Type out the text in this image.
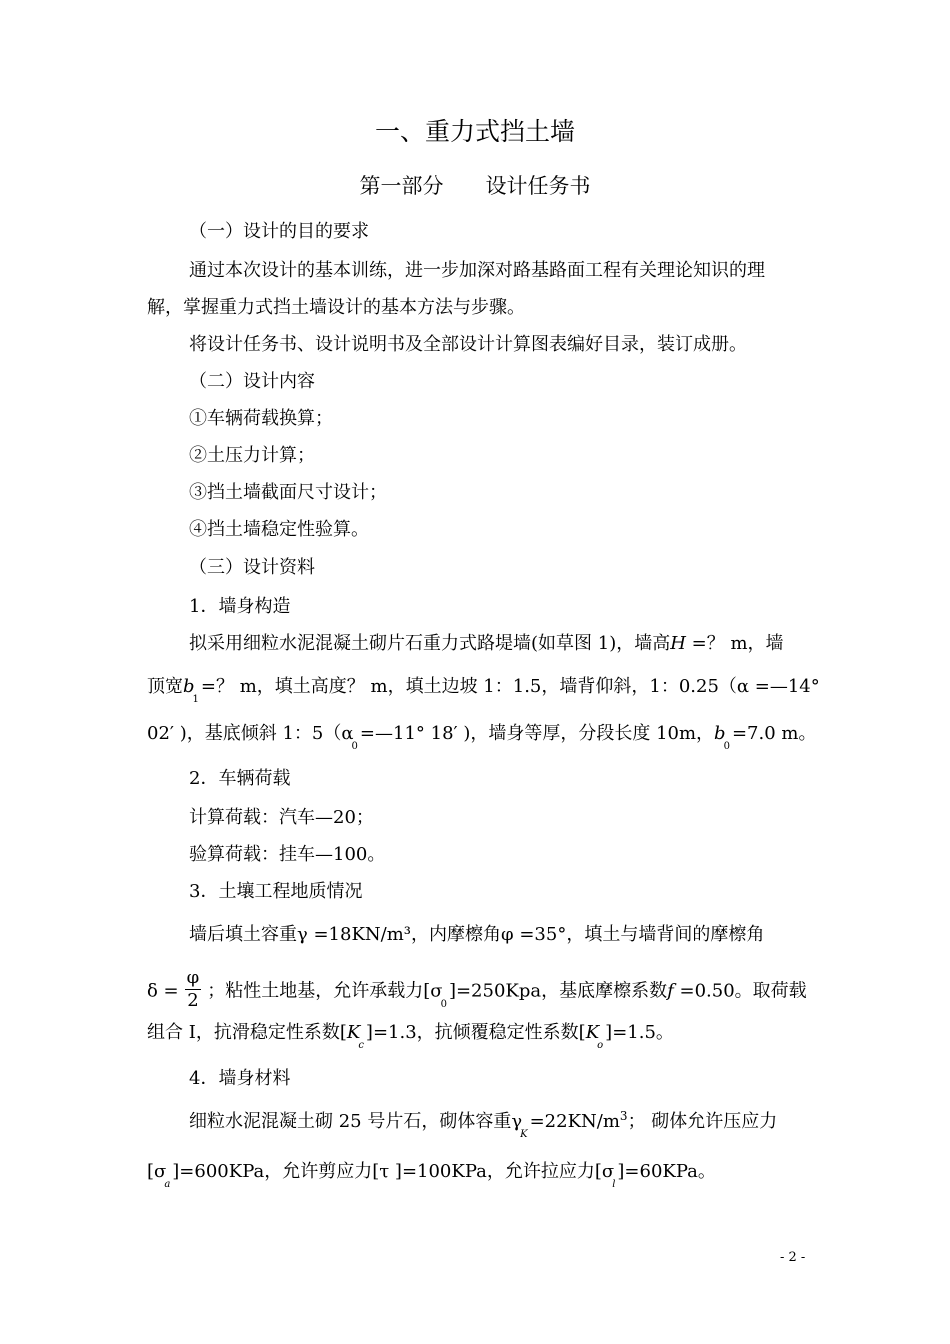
一、重力式挡土墙
第一部分　　设计任务书
（一）设计的目的要求
通过本次设计的基本训练，进一步加深对路基路面工程有关理论知识的理
解，掌握重力式挡土墙设计的基本方法与步骤。
将设计任务书、设计说明书及全部设计计算图表编好目录，装订成册。
（二）设计内容
①车辆荷载换算；
②土压力计算；
③挡土墙截面尺寸设计；
④挡土墙稳定性验算。
（三）设计资料
1．墙身构造
拟采用细粒水泥混凝土砌片石重力式路堤墙(如草图 1)，墙高H =？ m，墙
顶宽$b_1=$？ m，填土高度？ m，填土边坡 1：1.5，墙背仰斜，1：0.25（α =—14°
02′ )，基底倾斜 1：$5(\alpha_0=—11^\circ$ 18′ )，墙身等厚，分段长度 10m，$b_0=7.0$ m。
2．车辆荷载
计算荷载：汽车—20；
验算荷载：挂车—100。
3．土壤工程地质情况
墙后填土容重γ =18KN/m³，内摩檫角φ =35°，填土与墙背间的摩檫角
$\delta = \frac{\varphi}{2}$ ；粘性土地基，允许承载力$[\sigma_0]=250Kpa$，基底摩檫系数f =0.50。取荷载
组合 I，抗滑稳定性系数$[K_c]=1.3$，抗倾覆稳定性系数$[K_o]=1.5$。
4．墙身材料
细粒水泥混凝土砌 25 号片石，砌体容重$\gamma_K=22KN/m^3$； 砌体允许压应力
$[\sigma_a]=600KPa$，允许剪应力[τ ]=100KPa，允许拉应力$[\sigma_l]=60KPa$。
- 2 -
